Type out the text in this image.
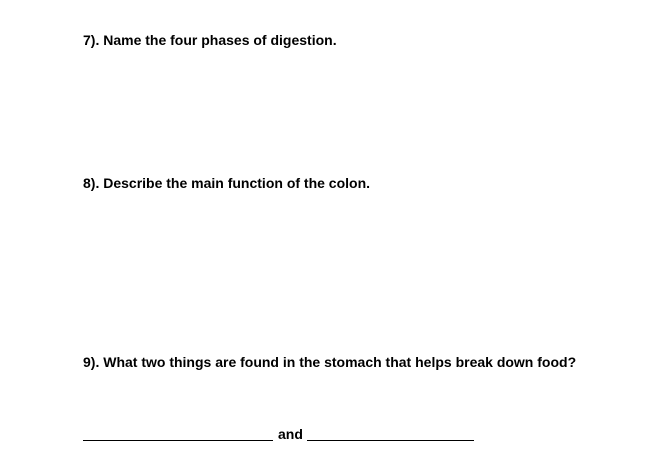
7). Name the four phases of digestion.
8). Describe the main function of the colon.
9). What two things are found in the stomach that helps break down food?
and
